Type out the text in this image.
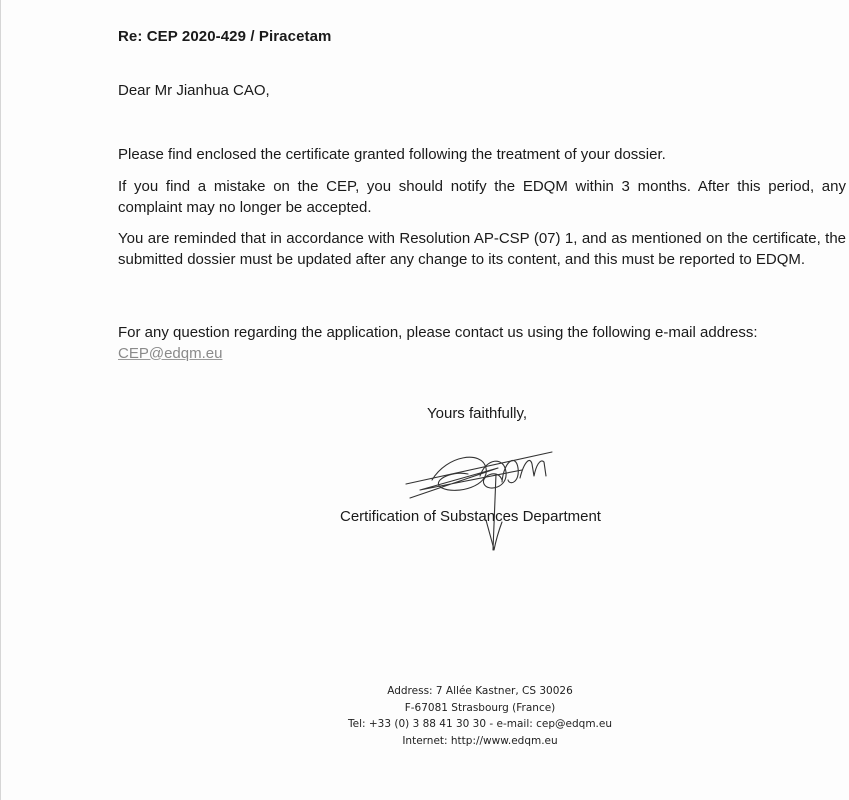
Re: CEP 2020-429 / Piracetam
Dear Mr Jianhua CAO,

Please find enclosed the certificate granted following the treatment of your dossier.

If you find a mistake on the CEP, you should notify the EDQM within 3 months. After this period, any complaint may no longer be accepted.

You are reminded that in accordance with Resolution AP-CSP (07) 1, and as mentioned on the certificate, the submitted dossier must be updated after any change to its content, and this must be reported to EDQM.

For any question regarding the application, please contact us using the following e-mail address:
CEP@edqm.eu

Yours faithfully,
Certification of Substances Department
Address: 7 Allée Kastner, CS 30026
F-67081 Strasbourg (France)
Tel: +33 (0) 3 88 41 30 30 - e-mail: cep@edqm.eu
Internet: http://www.edqm.eu
